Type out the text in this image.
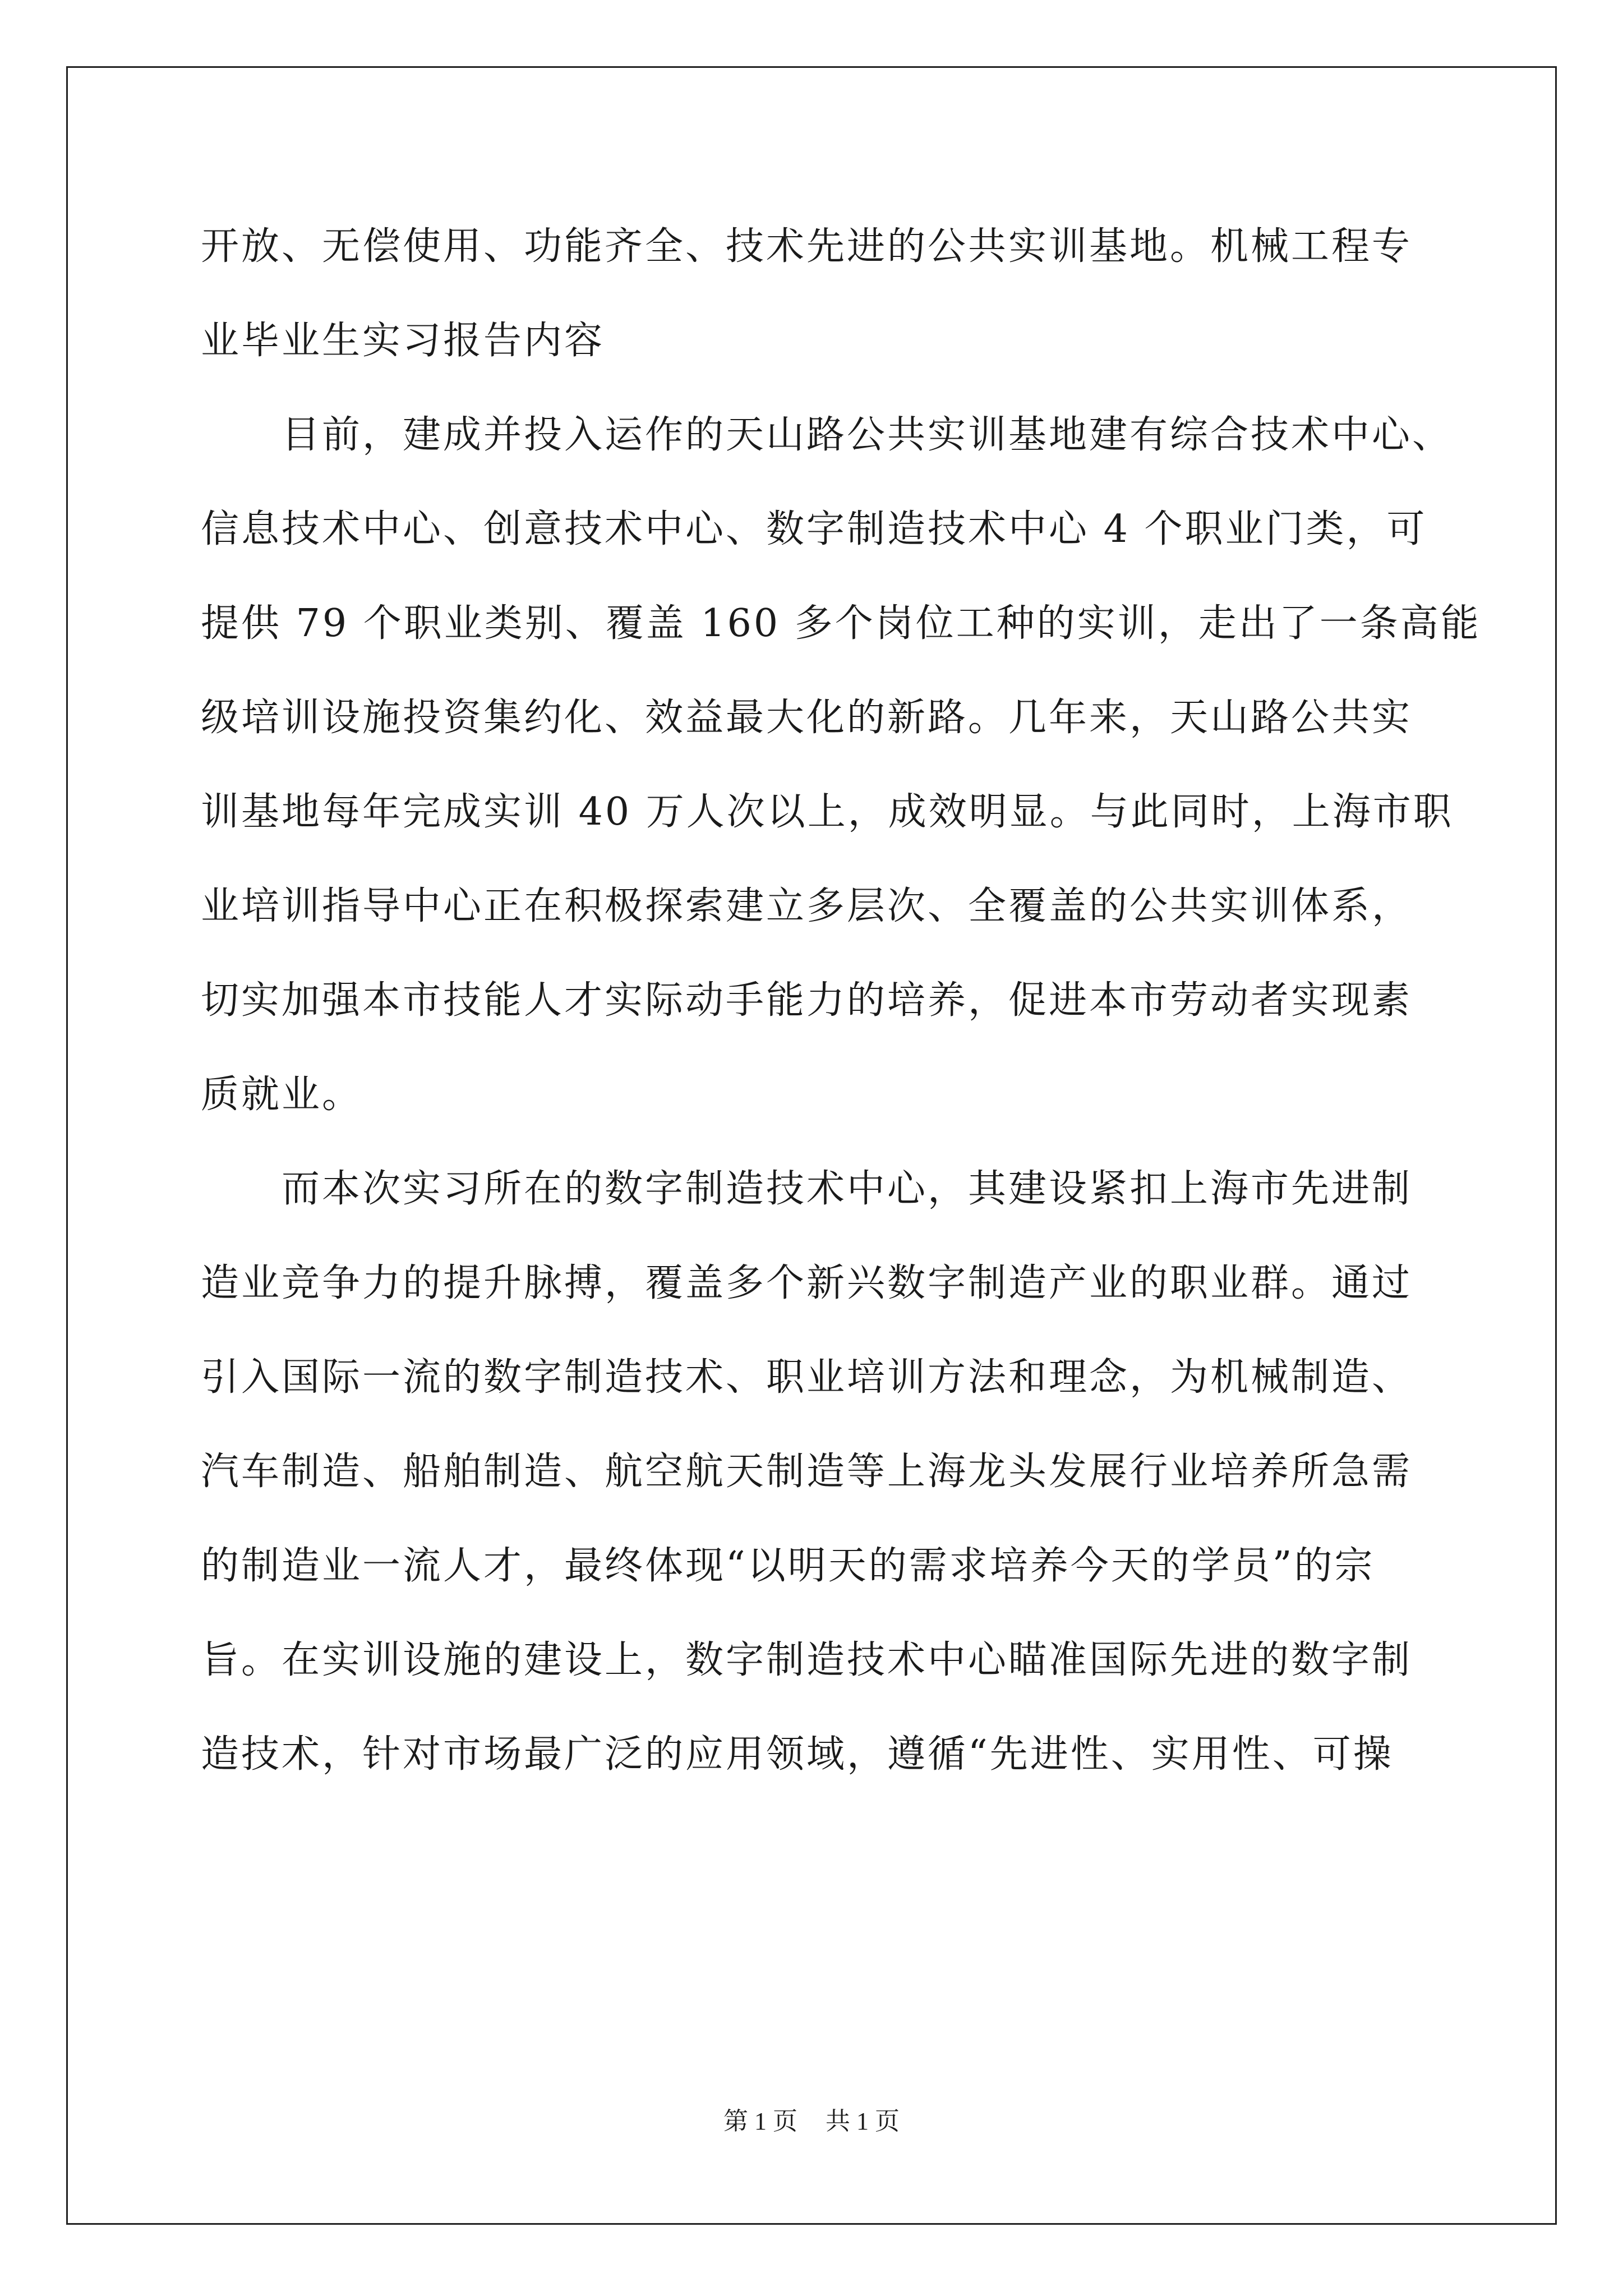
开放、无偿使用、功能齐全、技术先进的公共实训基地。机械工程专
业毕业生实习报告内容
目前，建成并投入运作的天山路公共实训基地建有综合技术中心、
信息技术中心、创意技术中心、数字制造技术中心 4 个职业门类，可
提供 79 个职业类别、覆盖 160 多个岗位工种的实训，走出了一条高能
级培训设施投资集约化、效益最大化的新路。几年来，天山路公共实
训基地每年完成实训 40 万人次以上，成效明显。与此同时，上海市职
业培训指导中心正在积极探索建立多层次、全覆盖的公共实训体系，
切实加强本市技能人才实际动手能力的培养，促进本市劳动者实现素
质就业。
而本次实习所在的数字制造技术中心，其建设紧扣上海市先进制
造业竞争力的提升脉搏，覆盖多个新兴数字制造产业的职业群。通过
引入国际一流的数字制造技术、职业培训方法和理念，为机械制造、
汽车制造、船舶制造、航空航天制造等上海龙头发展行业培养所急需
的制造业一流人才，最终体现“以明天的需求培养今天的学员”的宗
旨。在实训设施的建设上，数字制造技术中心瞄准国际先进的数字制
造技术，针对市场最广泛的应用领域，遵循“先进性、实用性、可操
第 1 页 共 1 页
